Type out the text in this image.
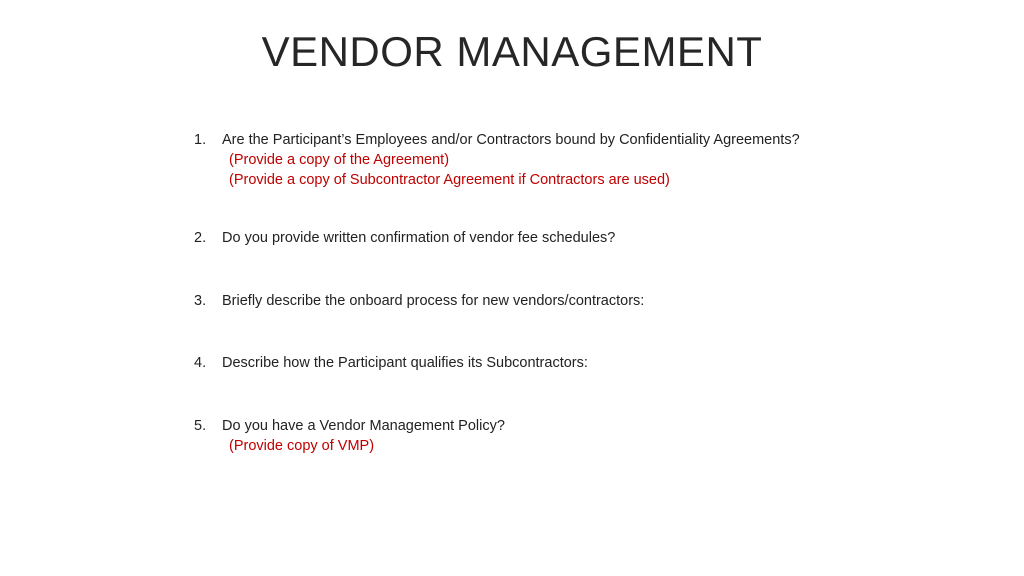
VENDOR MANAGEMENT
1.	Are the Participant’s Employees and/or Contractors bound by Confidentiality Agreements?
(Provide a copy of the Agreement)
(Provide a copy of Subcontractor Agreement if Contractors are used)
2.	Do you provide written confirmation of vendor fee schedules?
3.	Briefly describe the onboard process for new vendors/contractors:
4.	Describe how the Participant qualifies its Subcontractors:
5.	Do you have a Vendor Management Policy?
(Provide copy of VMP)
